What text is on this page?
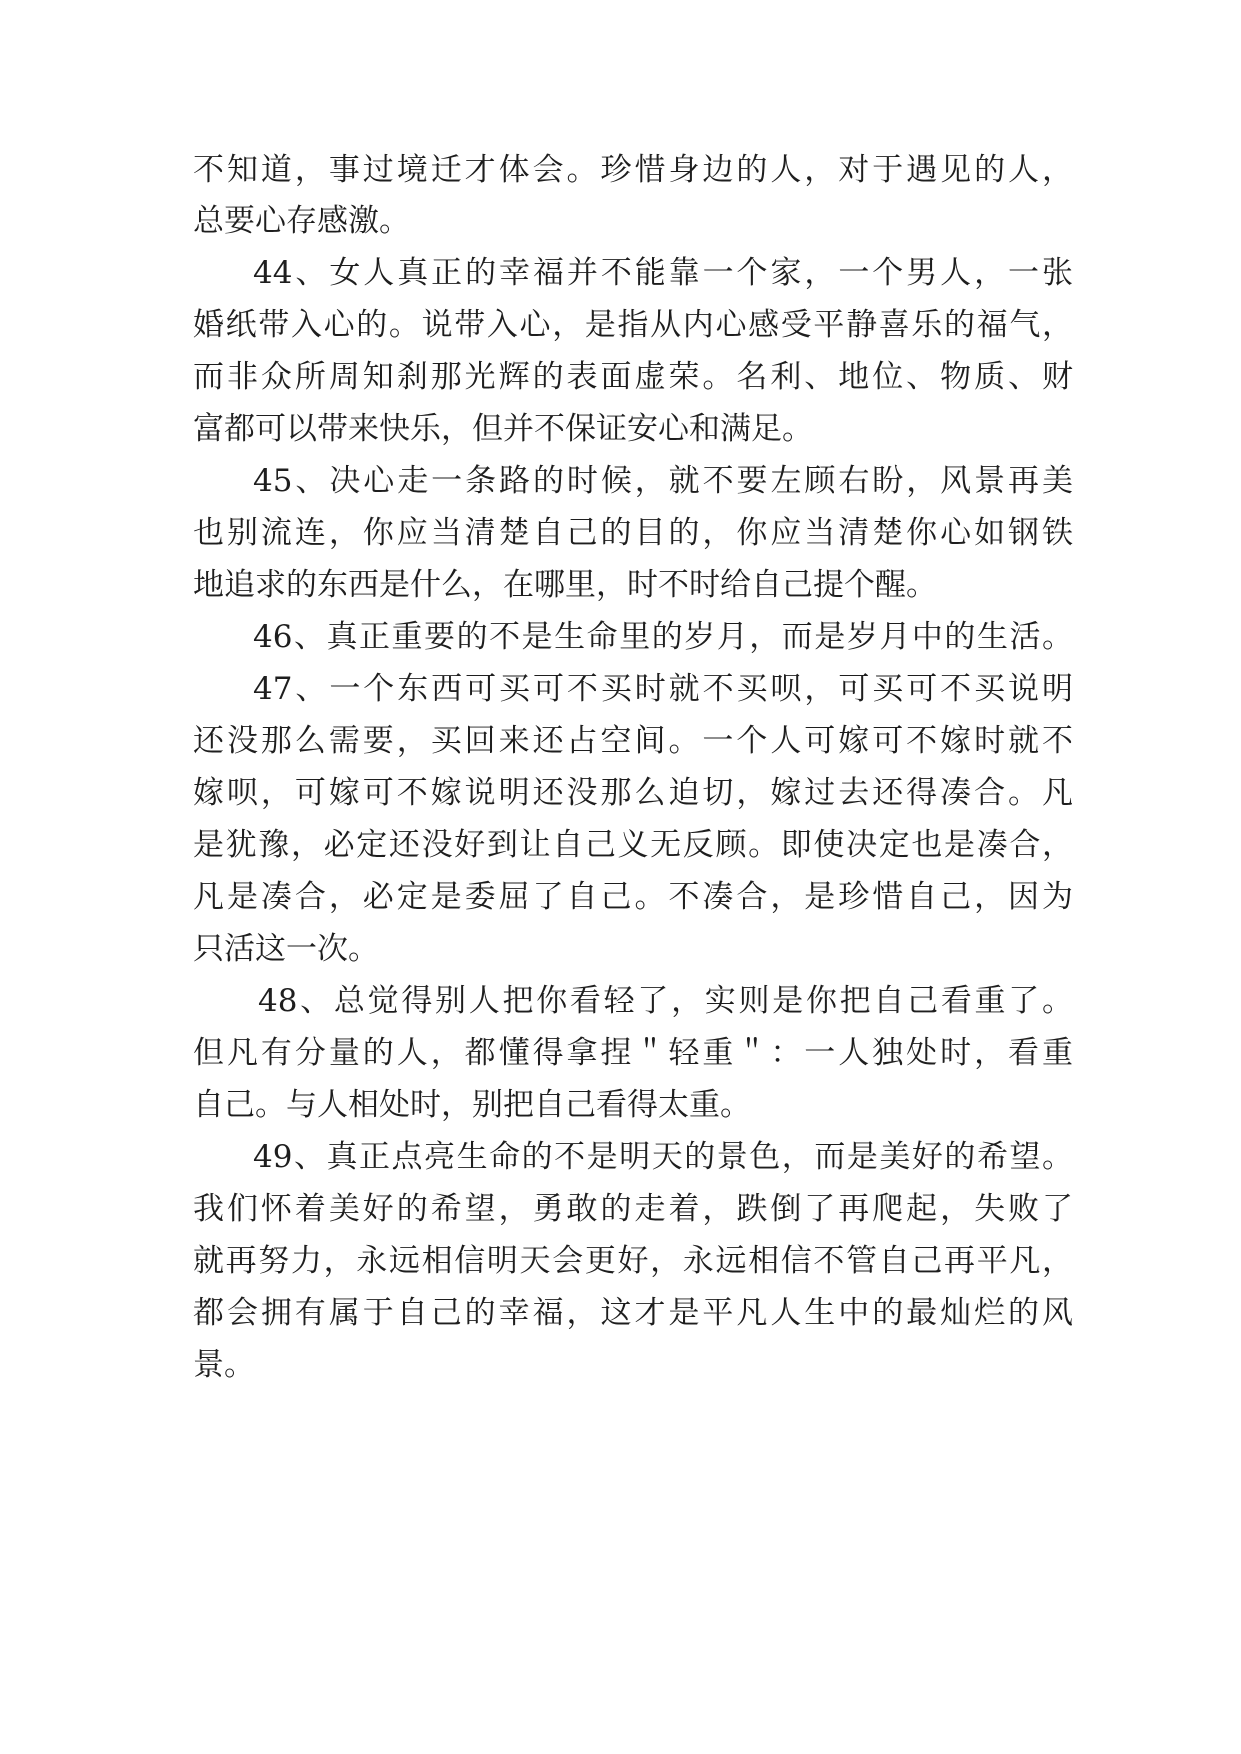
不知道，事过境迁才体会。珍惜身边的人，对于遇见的人，
总要心存感激。
44、女人真正的幸福并不能靠一个家，一个男人，一张
婚纸带入心的。说带入心，是指从内心感受平静喜乐的福气，
而非众所周知刹那光辉的表面虚荣。名利、地位、物质、财
富都可以带来快乐，但并不保证安心和满足。
45、决心走一条路的时候，就不要左顾右盼，风景再美
也别流连，你应当清楚自己的目的，你应当清楚你心如钢铁
地追求的东西是什么，在哪里，时不时给自己提个醒。
46、真正重要的不是生命里的岁月，而是岁月中的生活。
47、一个东西可买可不买时就不买呗，可买可不买说明
还没那么需要，买回来还占空间。一个人可嫁可不嫁时就不
嫁呗，可嫁可不嫁说明还没那么迫切，嫁过去还得凑合。凡
是犹豫，必定还没好到让自己义无反顾。即使决定也是凑合，
凡是凑合，必定是委屈了自己。不凑合，是珍惜自己，因为
只活这一次。
48、总觉得别人把你看轻了，实则是你把自己看重了。
但凡有分量的人，都懂得拿捏＂轻重＂：一人独处时，看重
自己。与人相处时，别把自己看得太重。
49、真正点亮生命的不是明天的景色，而是美好的希望。
我们怀着美好的希望，勇敢的走着，跌倒了再爬起，失败了
就再努力，永远相信明天会更好，永远相信不管自己再平凡，
都会拥有属于自己的幸福，这才是平凡人生中的最灿烂的风
景。
